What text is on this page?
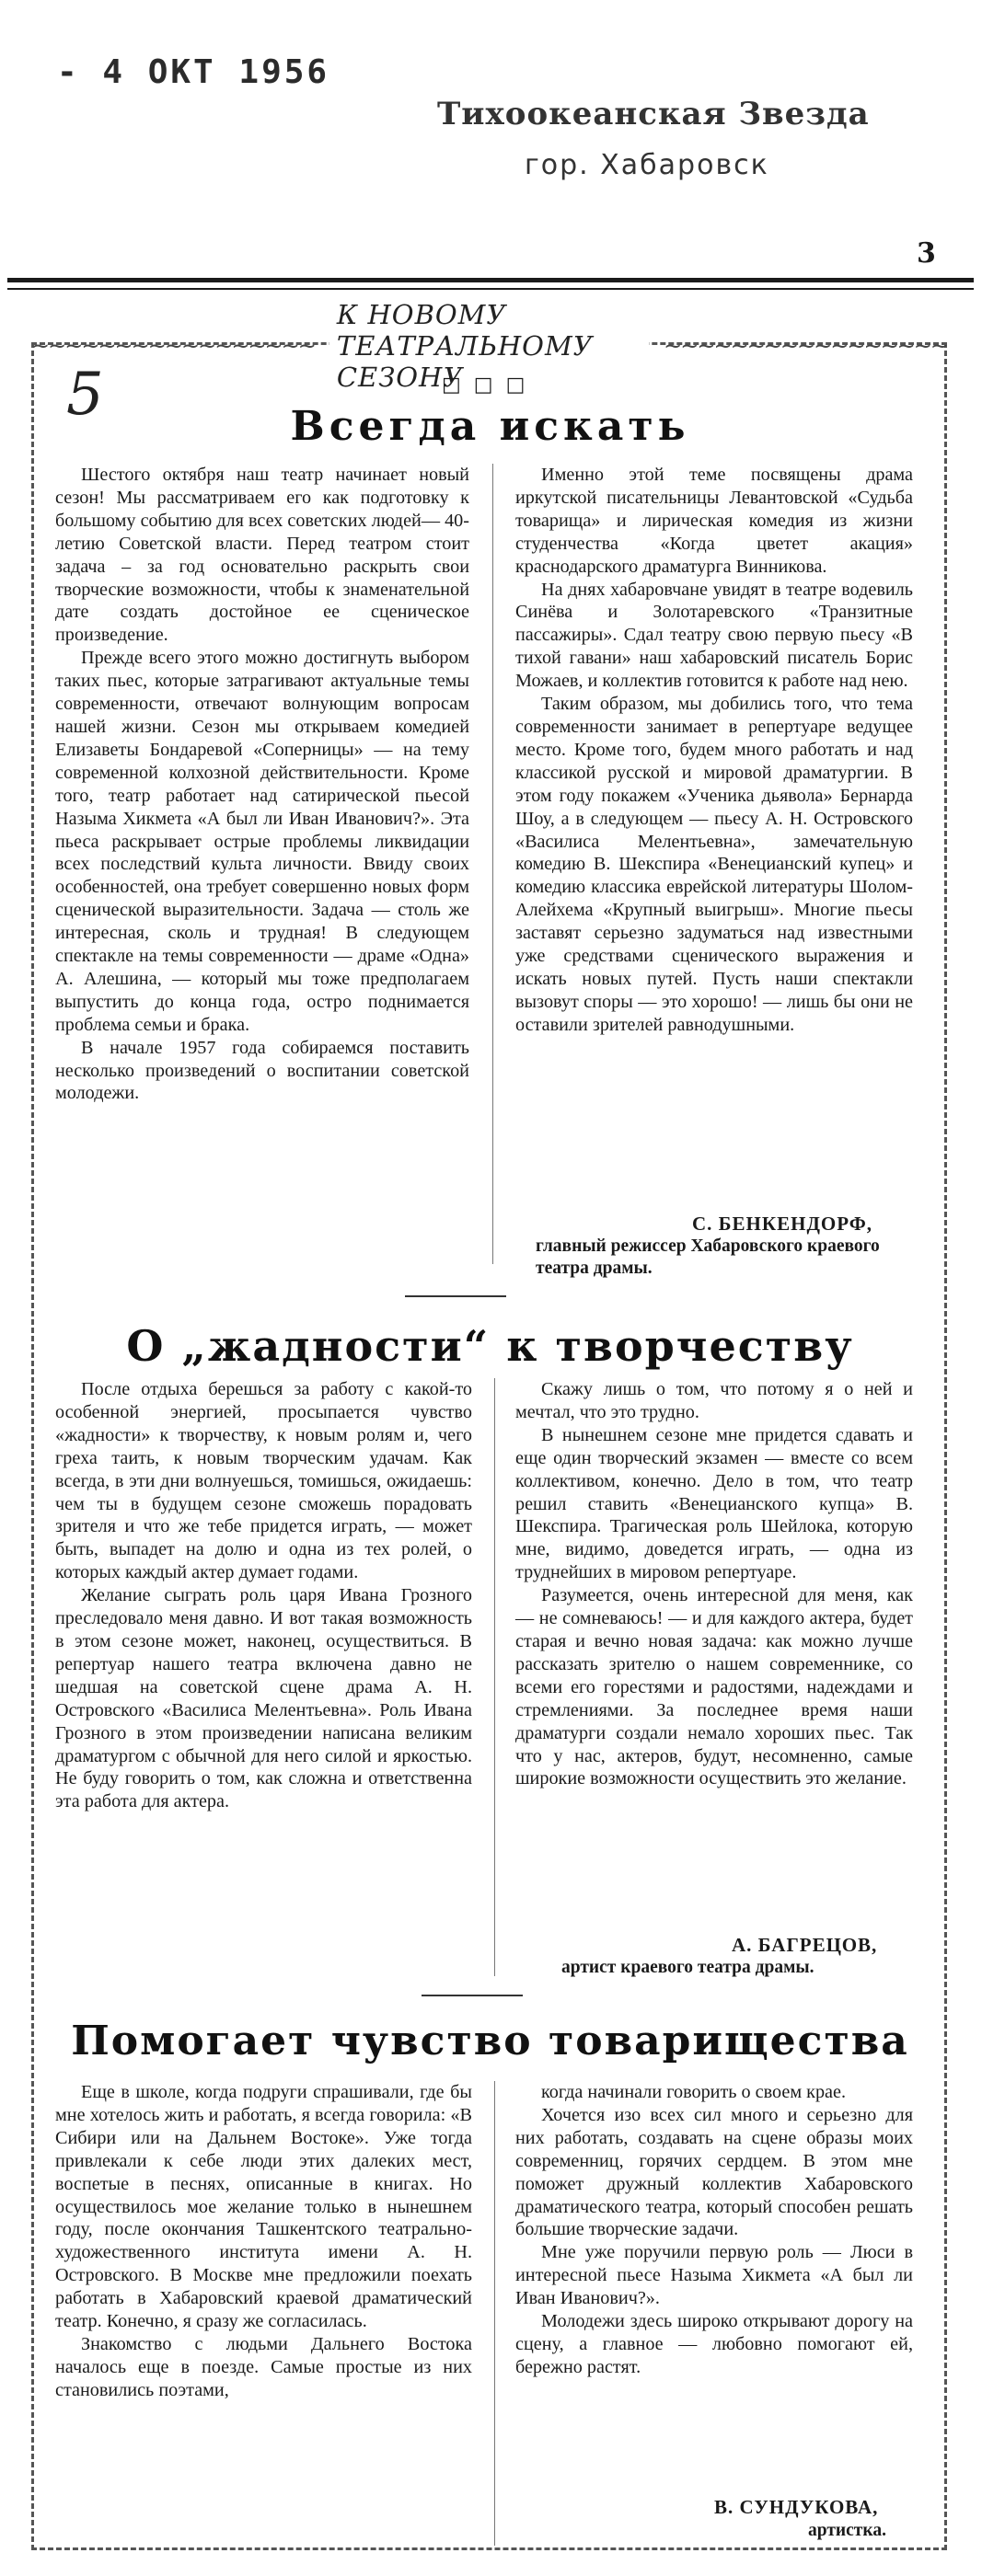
- 4 ОКТ 1956
Тихоокеанская Звезда
гор. Хабаровск
3
~~~~~~~~~~~~~~~~~
К НОВОМУ ТЕАТРАЛЬНОМУ СЕЗОНУ
~~~~~~~~~~~~~~~~~
□□□
5	Всегда искать

Шестого октября наш театр начинает новый сезон! Мы рассматриваем его как подготовку к большому событию для всех советских людей— 40-летию Советской власти. Перед театром стоит задача – за год основательно раскрыть свои творческие возможности, чтобы к знаменательной дате создать достойное ее сценическое произведение.

Прежде всего этого можно достигнуть выбором таких пьес, которые затрагивают актуальные темы современности, отвечают волнующим вопросам нашей жизни. Сезон мы открываем комедией Елизаветы Бондаревой «Соперницы» — на тему современной колхозной действительности. Кроме того, театр работает над сатирической пьесой Назыма Хикмета «А был ли Иван Иванович?». Эта пьеса раскрывает острые проблемы ликвидации всех последствий культа личности. Ввиду своих особенностей, она требует совершенно новых форм сценической выразительности. Задача — столь же интересная, сколь и трудная! В следующем спектакле на темы современности — драме «Одна» А. Алешина, — который мы тоже предполагаем выпустить до конца года, остро поднимается проблема семьи и брака.

В начале 1957 года собираемся поставить несколько произведений о воспитании советской молодежи.

Именно этой теме посвящены драма иркутской писательницы Левантовской «Судьба товарища» и лирическая комедия из жизни студенчества «Когда цветет акация» краснодарского драматурга Винникова.

На днях хабаровчане увидят в театре водевиль Синёва и Золотаревского «Транзитные пассажиры». Сдал театру свою первую пьесу «В тихой гавани» наш хабаровский писатель Борис Можаев, и коллектив готовится к работе над нею.

Таким образом, мы добились того, что тема современности занимает в репертуаре ведущее место. Кроме того, будем много работать и над классикой русской и мировой драматургии. В этом году покажем «Ученика дьявола» Бернарда Шоу, а в следующем — пьесу А. Н. Островского «Василиса Мелентьевна», замечательную комедию В. Шекспира «Венецианский купец» и комедию классика еврейской литературы Шолом-Алейхема «Крупный выигрыш». Многие пьесы заставят серьезно задуматься над известными уже средствами сценического выражения и искать новых путей. Пусть наши спектакли вызовут споры — это хорошо! — лишь бы они не оставили зрителей равнодушными.

С. БЕНКЕНДОРФ,
главный режиссер Хабаровского краевого театра драмы.
О „жадности“ к творчеству

После отдыха берешься за работу с какой-то особенной энергией, просыпается чувство «жадности» к творчеству, к новым ролям и, чего греха таить, к новым творческим удачам. Как всегда, в эти дни волнуешься, томишься, ожидаешь: чем ты в будущем сезоне сможешь порадовать зрителя и что же тебе придется играть, — может быть, выпадет на долю и одна из тех ролей, о которых каждый актер думает годами.

Желание сыграть роль царя Ивана Грозного преследовало меня давно. И вот такая возможность в этом сезоне может, наконец, осуществиться. В репертуар нашего театра включена давно не шедшая на советской сцене драма А. Н. Островского «Василиса Мелентьевна». Роль Ивана Грозного в этом произведении написана великим драматургом с обычной для него силой и яркостью. Не буду говорить о том, как сложна и ответственна эта работа для актера.

Скажу лишь о том, что потому я о ней и мечтал, что это трудно.

В нынешнем сезоне мне придется сдавать и еще один творческий экзамен — вместе со всем коллективом, конечно. Дело в том, что театр решил ставить «Венецианского купца» В. Шекспира. Трагическая роль Шейлока, которую мне, видимо, доведется играть, — одна из труднейших в мировом репертуаре.

Разумеется, очень интересной для меня, как — не сомневаюсь! — и для каждого актера, будет старая и вечно новая задача: как можно лучше рассказать зрителю о нашем современнике, со всеми его горестями и радостями, надеждами и стремлениями. За последнее время наши драматурги создали немало хороших пьес. Так что у нас, актеров, будут, несомненно, самые широкие возможности осуществить это желание.

А. БАГРЕЦОВ,
артист краевого театра драмы.
Помогает чувство товарищества

Еще в школе, когда подруги спрашивали, где бы мне хотелось жить и работать, я всегда говорила: «В Сибири или на Дальнем Востоке». Уже тогда привлекали к себе люди этих далеких мест, воспетые в песнях, описанные в книгах. Но осуществилось мое желание только в нынешнем году, после окончания Ташкентского театрально-художественного института имени А. Н. Островского. В Москве мне предложили поехать работать в Хабаровский краевой драматический театр. Конечно, я сразу же согласилась.

Знакомство с людьми Дальнего Востока началось еще в поезде. Самые простые из них становились поэтами,

когда начинали говорить о своем крае.

Хочется изо всех сил много и серьезно для них работать, создавать на сцене образы моих современниц, горячих сердцем. В этом мне поможет дружный коллектив Хабаровского драматического театра, который способен решать большие творческие задачи.

Мне уже поручили первую роль — Люси в интересной пьесе Назыма Хикмета «А был ли Иван Иванович?».

Молодежи здесь широко открывают дорогу на сцену, а главное — любовно помогают ей, бережно растят.

В. СУНДУКОВА,
артистка.
